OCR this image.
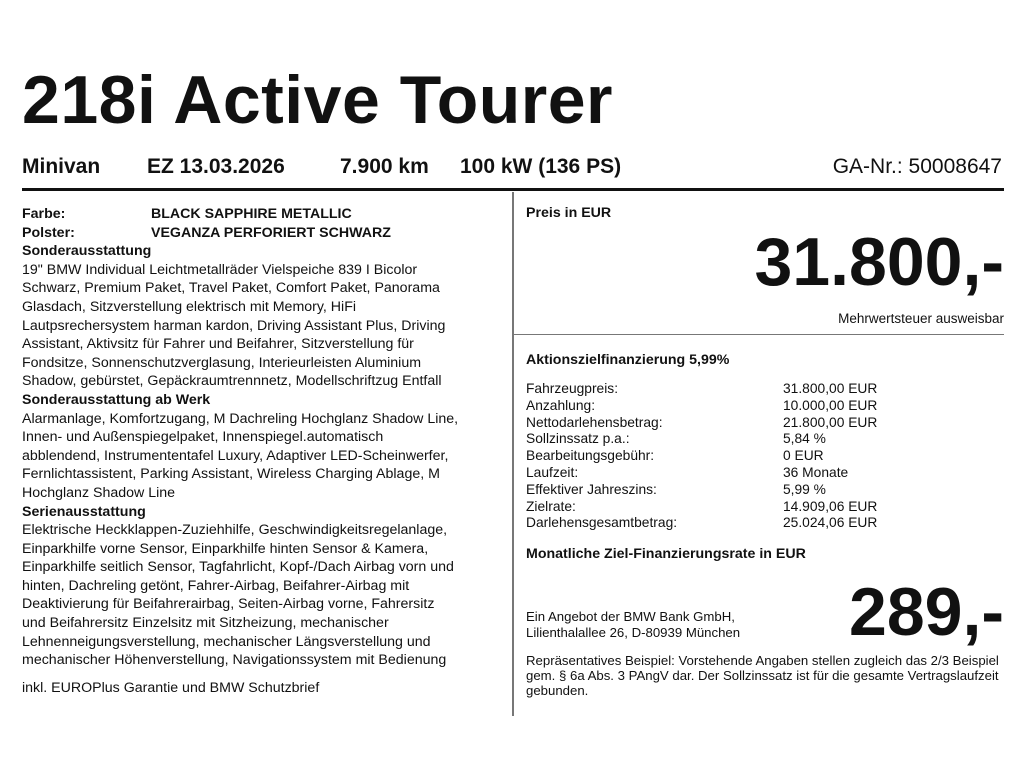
218i Active Tourer
Minivan EZ 13.03.2026	7.900 km 100 kW (136 PS)	GA-Nr.: 50008647
Farbe:	BLACK SAPPHIRE METALLIC
Polster:	VEGANZA PERFORIERT SCHWARZ
Sonderausstattung
19" BMW Individual Leichtmetallräder Vielspeiche 839 I Bicolor
Schwarz, Premium Paket, Travel Paket, Comfort Paket, Panorama
Glasdach, Sitzverstellung elektrisch mit Memory, HiFi
Lautpsrechersystem harman kardon, Driving Assistant Plus, Driving
Assistant, Aktivsitz für Fahrer und Beifahrer, Sitzverstellung für
Fondsitze, Sonnenschutzverglasung, Interieurleisten Aluminium
Shadow, gebürstet, Gepäckraumtrennnetz, Modellschriftzug Entfall
Sonderausstattung ab Werk
Alarmanlage, Komfortzugang, M Dachreling Hochglanz Shadow Line,
Innen- und Außenspiegelpaket, Innenspiegel.automatisch
abblendend, Instrumententafel Luxury, Adaptiver LED-Scheinwerfer,
Fernlichtassistent, Parking Assistant, Wireless Charging Ablage, M
Hochglanz Shadow Line
Serienausstattung
Elektrische Heckklappen-Zuziehhilfe, Geschwindigkeitsregelanlage,
Einparkhilfe vorne Sensor, Einparkhilfe hinten Sensor & Kamera,
Einparkhilfe seitlich Sensor, Tagfahrlicht, Kopf-/Dach Airbag vorn und
hinten, Dachreling getönt, Fahrer-Airbag, Beifahrer-Airbag mit
Deaktivierung für Beifahrerairbag, Seiten-Airbag vorne, Fahrersitz
und Beifahrersitz Einzelsitz mit Sitzheizung, mechanischer
Lehnenneigungsverstellung, mechanischer Längsverstellung und
mechanischer Höhenverstellung, Navigationssystem mit Bedienung
inkl. EUROPlus Garantie und BMW Schutzbrief
Preis in EUR
31.800,-
Mehrwertsteuer ausweisbar
Aktionszielfinanzierung 5,99%
Fahrzeugpreis:	31.800,00 EUR
Anzahlung:	10.000,00 EUR
Nettodarlehensbetrag:	21.800,00 EUR
Sollzinssatz p.a.:	5,84 %
Bearbeitungsgebühr:	0 EUR
Laufzeit:	36 Monate
Effektiver Jahreszins:	5,99 %
Zielrate:	14.909,06 EUR
Darlehensgesamtbetrag:	25.024,06 EUR
Monatliche Ziel-Finanzierungsrate in EUR
Ein Angebot der BMW Bank GmbH,
Lilienthalallee 26, D-80939 München 289,-
Repräsentatives Beispiel: Vorstehende Angaben stellen zugleich das 2/3 Beispiel gem. § 6a Abs. 3 PAngV dar. Der Sollzinssatz ist für die gesamte Vertragslaufzeit gebunden.
